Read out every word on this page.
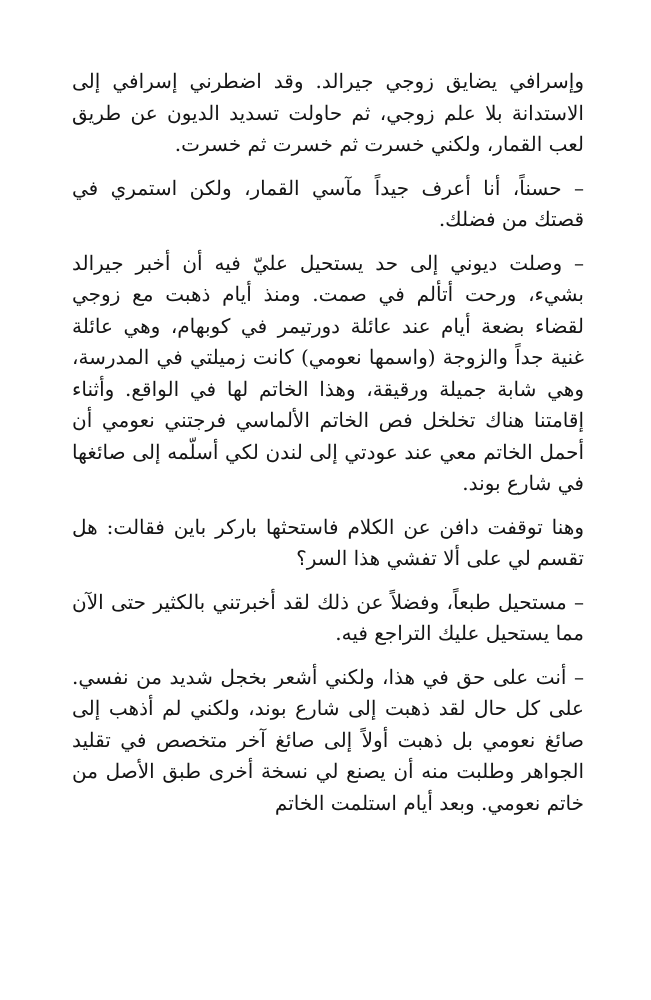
وإسرافي يضايق زوجي جيرالد. وقد اضطرني إسرافي إلى الاستدانة بلا علم زوجي، ثم حاولت تسديد الديون عن طريق لعب القمار، ولكني خسرت ثم خسرت ثم خسرت.

– حسناً، أنا أعرف جيداً مآسي القمار، ولكن استمري في قصتك من فضلك.

– وصلت ديوني إلى حد يستحيل عليّ فيه أن أخبر جيرالد بشيء، ورحت أتألم في صمت. ومنذ أيام ذهبت مع زوجي لقضاء بضعة أيام عند عائلة دورتيمر في كوبهام، وهي عائلة غنية جداً والزوجة (واسمها نعومي) كانت زميلتي في المدرسة، وهي شابة جميلة ورقيقة، وهذا الخاتم لها في الواقع. وأثناء إقامتنا هناك تخلخل فص الخاتم الألماسي فرجتني نعومي أن أحمل الخاتم معي عند عودتي إلى لندن لكي أسلّمه إلى صائغها في شارع بوند.

وهنا توقفت دافن عن الكلام فاستحثها باركر باين فقالت: هل تقسم لي على ألا تفشي هذا السر؟

– مستحيل طبعاً، وفضلاً عن ذلك لقد أخبرتني بالكثير حتى الآن مما يستحيل عليك التراجع فيه.

– أنت على حق في هذا، ولكني أشعر بخجل شديد من نفسي. على كل حال لقد ذهبت إلى شارع بوند، ولكني لم أذهب إلى صائغ نعومي بل ذهبت أولاً إلى صائغ آخر متخصص في تقليد الجواهر وطلبت منه أن يصنع لي نسخة أخرى طبق الأصل من خاتم نعومي. وبعد أيام استلمت الخاتم
